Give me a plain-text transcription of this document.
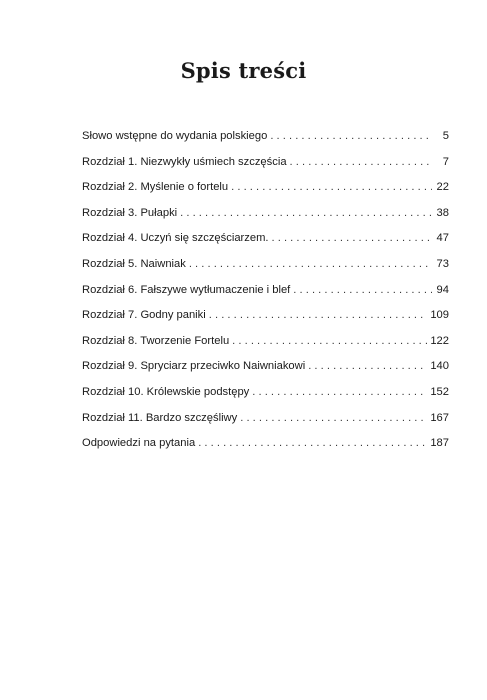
Spis treści
Słowo wstępne do wydania polskiego . . .	5
Rozdział 1. Niezwykły uśmiech szczęścia . . .	7
Rozdział 2. Myślenie o fortelu . . .	22
Rozdział 3. Pułapki . . .	38
Rozdział 4. Uczyń się szczęściarzem. . . .	47
Rozdział 5. Naiwniak . . .	73
Rozdział 6. Fałszywe wytłumaczenie i blef . . .	94
Rozdział 7. Godny paniki . . .	109
Rozdział 8. Tworzenie Fortelu . . .	122
Rozdział 9. Spryciarz przeciwko Naiwniakowi . . .	140
Rozdział 10. Królewskie podstępy . . .	152
Rozdział 11. Bardzo szczęśliwy . . .	167
Odpowiedzi na pytania . . .	187
